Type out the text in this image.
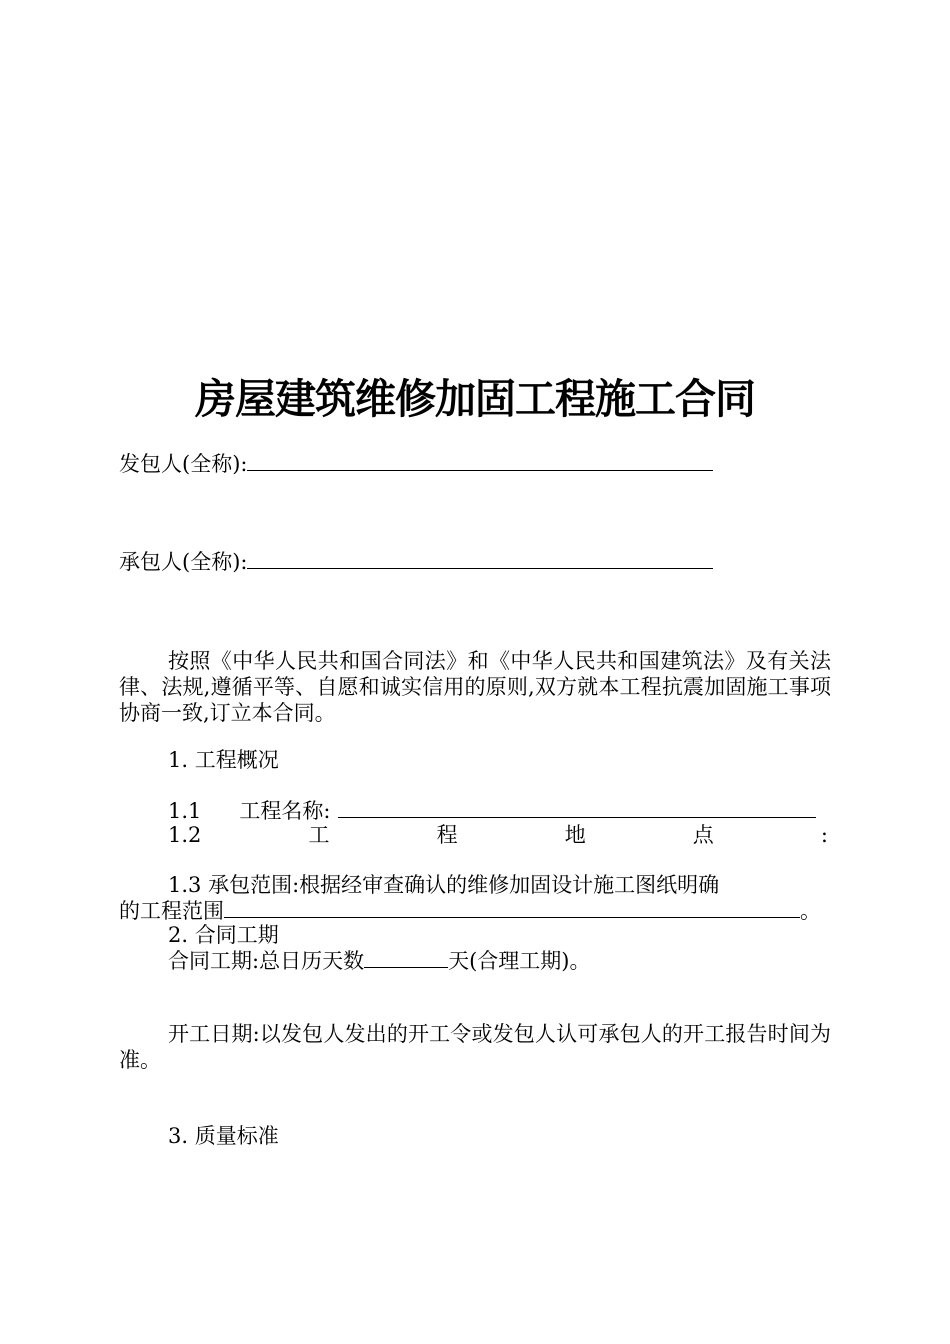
房屋建筑维修加固工程施工合同
发包人(全称):
承包人(全称):
按照《中华人民共和国合同法》和《中华人民共和国建筑法》及有关法律、法规,遵循平等、自愿和诚实信用的原则,双方就本工程抗震加固施工事项协商一致,订立本合同。
1. 工程概况
1.1 工程名称:
1.2	工	程	地	点	:
1.3 承包范围:根据经审查确认的维修加固设计施工图纸明确
的工程范围	。
2. 合同工期
合同工期:总日历天数	天(合理工期)。
开工日期:以发包人发出的开工令或发包人认可承包人的开工报告时间为准。
3. 质量标准
